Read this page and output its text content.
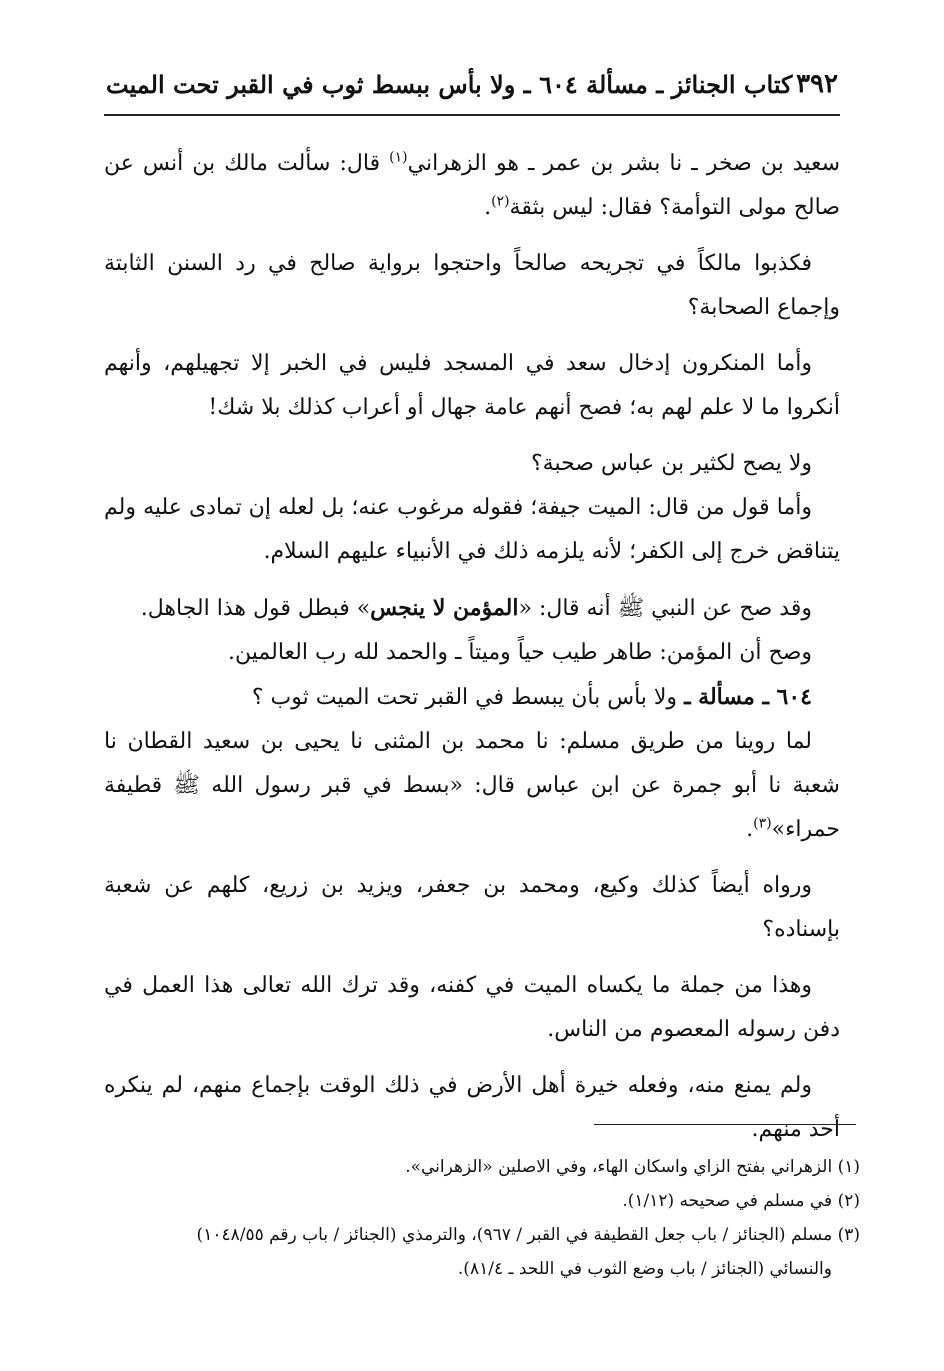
٣٩٢
كتاب الجنائز ـ مسألة ٦٠٤ ـ ولا بأس ببسط ثوب في القبر تحت الميت

سعيد بن صخر ـ نا بشر بن عمر ـ هو الزهراني$^{(١)}$ قال: سألت مالك بن أنس عن صالح مولى التوأمة؟ فقال: ليس بثقة$^{(٢)}$.

فكذبوا مالكاً في تجريحه صالحاً واحتجوا برواية صالح في رد السنن الثابتة وإجماع الصحابة؟

وأما المنكرون إدخال سعد في المسجد فليس في الخبر إلا تجهيلهم، وأنهم أنكروا ما لا علم لهم به؛ فصح أنهم عامة جهال أو أعراب كذلك بلا شك!

ولا يصح لكثير بن عباس صحبة؟

وأما قول من قال: الميت جيفة؛ فقوله مرغوب عنه؛ بل لعله إن تمادى عليه ولم يتناقض خرج إلى الكفر؛ لأنه يلزمه ذلك في الأنبياء عليهم السلام.

وقد صح عن النبي ﷺ أنه قال: «المؤمن لا ينجس» فبطل قول هذا الجاهل.

وصح أن المؤمن: طاهر طيب حياً وميتاً ـ والحمد لله رب العالمين.

٦٠٤ ـ مسألة ـ ولا بأس بأن يبسط في القبر تحت الميت ثوب ؟

لما روينا من طريق مسلم: نا محمد بن المثنى نا يحيى بن سعيد القطان نا شعبة نا أبو جمرة عن ابن عباس قال: «بسط في قبر رسول الله ﷺ قطيفة حمراء»$^{(٣)}$.

ورواه أيضاً كذلك وكيع، ومحمد بن جعفر، ويزيد بن زريع، كلهم عن شعبة بإسناده؟

وهذا من جملة ما يكساه الميت في كفنه، وقد ترك الله تعالى هذا العمل في دفن رسوله المعصوم من الناس.

ولم يمنع منه، وفعله خيرة أهل الأرض في ذلك الوقت بإجماع منهم، لم ينكره أحد منهم.

(١) الزهراني بفتح الزاي واسكان الهاء، وفي الاصلين «الزهراني».

(٢) في مسلم في صحيحه (١/١٢).

(٣) مسلم (الجنائز / باب جعل القطيفة في القبر / ٩٦٧)، والترمذي (الجنائز / باب رقم ١٠٤٨/٥٥)

والنسائي (الجنائز / باب وضع الثوب في اللحد ـ ٨١/٤).
